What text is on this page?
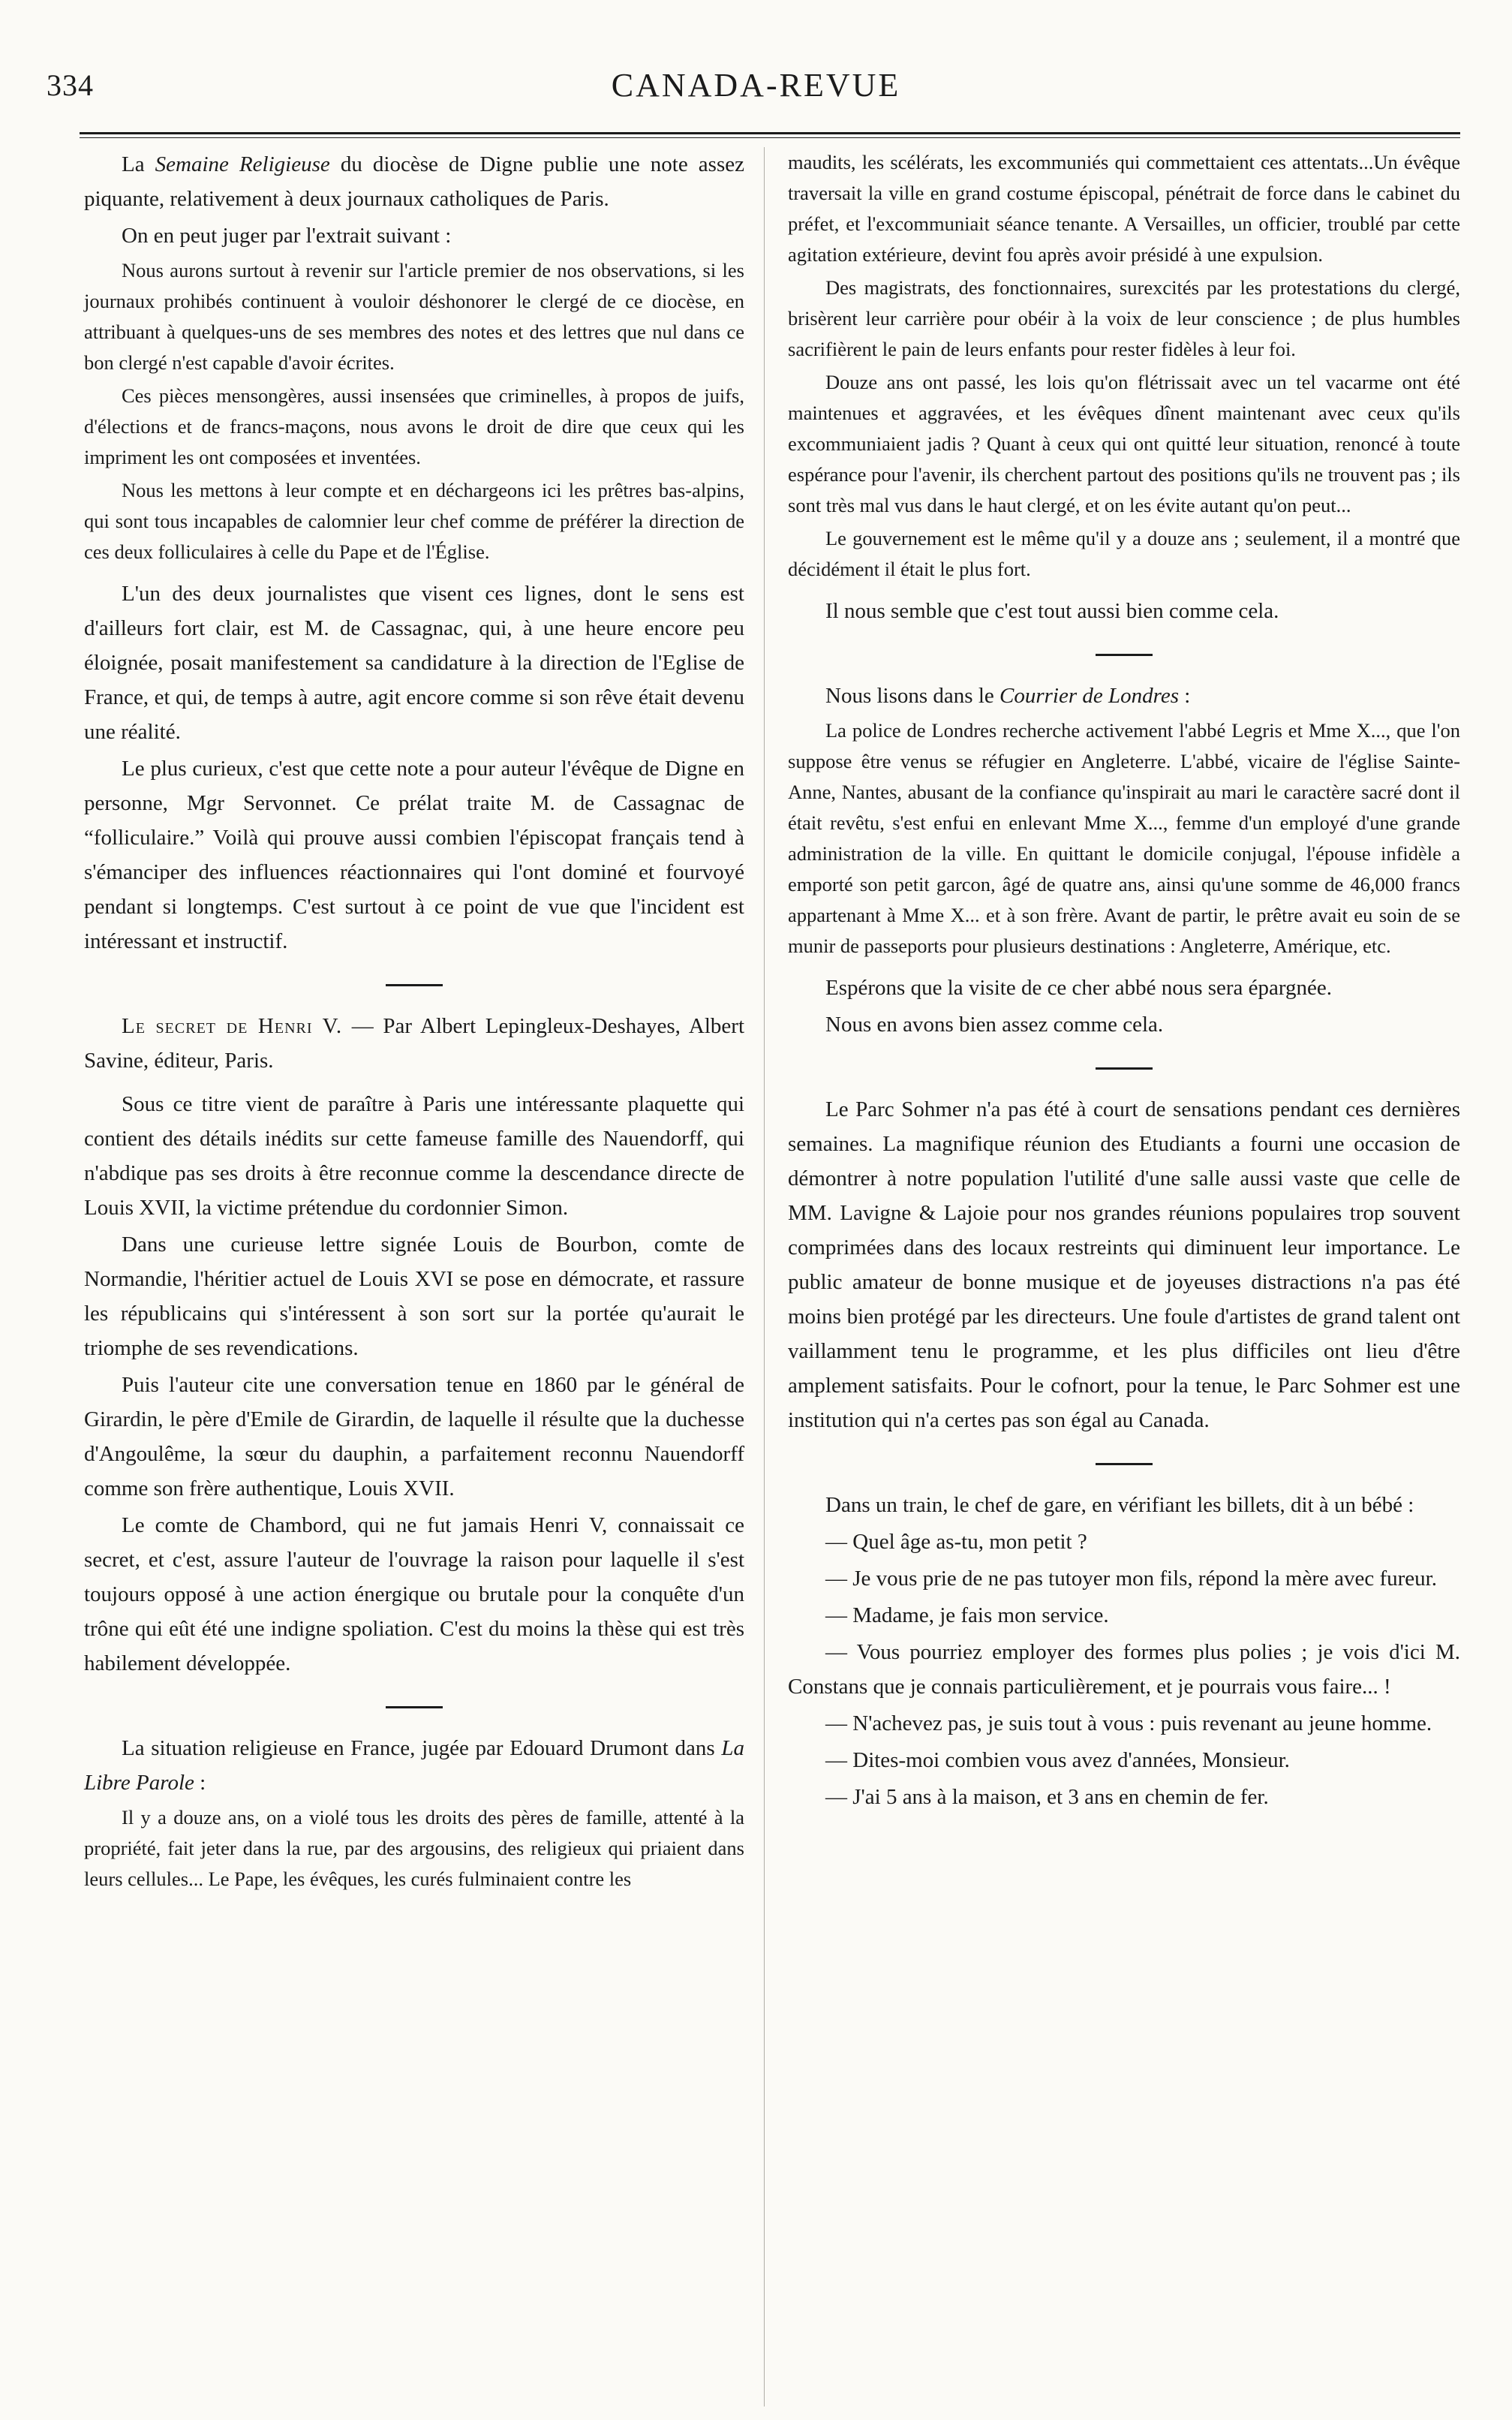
334	CANADA-REVUE

La Semaine Religieuse du diocèse de Digne publie une note assez piquante, relativement à deux journaux catholiques de Paris.

On en peut juger par l'extrait suivant :

Nous aurons surtout à revenir sur l'article premier de nos observations, si les journaux prohibés continuent à vouloir déshonorer le clergé de ce diocèse, en attribuant à quelques-uns de ses membres des notes et des lettres que nul dans ce bon clergé n'est capable d'avoir écrites.

Ces pièces mensongères, aussi insensées que criminelles, à propos de juifs, d'élections et de francs-maçons, nous avons le droit de dire que ceux qui les impriment les ont composées et inventées.

Nous les mettons à leur compte et en déchargeons ici les prêtres bas-alpins, qui sont tous incapables de calomnier leur chef comme de préférer la direction de ces deux folliculaires à celle du Pape et de l'Église.

L'un des deux journalistes que visent ces lignes, dont le sens est d'ailleurs fort clair, est M. de Cassagnac, qui, à une heure encore peu éloignée, posait manifestement sa candidature à la direction de l'Eglise de France, et qui, de temps à autre, agit encore comme si son rêve était devenu une réalité.

Le plus curieux, c'est que cette note a pour auteur l'évêque de Digne en personne, Mgr Servonnet. Ce prélat traite M. de Cassagnac de “folliculaire.” Voilà qui prouve aussi combien l'épiscopat français tend à s'émanciper des influences réactionnaires qui l'ont dominé et fourvoyé pendant si longtemps. C'est surtout à ce point de vue que l'incident est intéressant et instructif.

Le secret de Henri V. — Par Albert Lepingleux-Deshayes, Albert Savine, éditeur, Paris.

Sous ce titre vient de paraître à Paris une intéressante plaquette qui contient des détails inédits sur cette fameuse famille des Nauendorff, qui n'abdique pas ses droits à être reconnue comme la descendance directe de Louis XVII, la victime prétendue du cordonnier Simon.

Dans une curieuse lettre signée Louis de Bourbon, comte de Normandie, l'héritier actuel de Louis XVI se pose en démocrate, et rassure les républicains qui s'intéressent à son sort sur la portée qu'aurait le triomphe de ses revendications.

Puis l'auteur cite une conversation tenue en 1860 par le général de Girardin, le père d'Emile de Girardin, de laquelle il résulte que la duchesse d'Angoulême, la sœur du dauphin, a parfaitement reconnu Nauendorff comme son frère authentique, Louis XVII.

Le comte de Chambord, qui ne fut jamais Henri V, connaissait ce secret, et c'est, assure l'auteur de l'ouvrage la raison pour laquelle il s'est toujours opposé à une action énergique ou brutale pour la conquête d'un trône qui eût été une indigne spoliation. C'est du moins la thèse qui est très habilement développée.

La situation religieuse en France, jugée par Edouard Drumont dans La Libre Parole :

Il y a douze ans, on a violé tous les droits des pères de famille, attenté à la propriété, fait jeter dans la rue, par des argousins, des religieux qui priaient dans leurs cellules... Le Pape, les évêques, les curés fulminaient contre les

maudits, les scélérats, les excommuniés qui commettaient ces attentats...Un évêque traversait la ville en grand costume épiscopal, pénétrait de force dans le cabinet du préfet, et l'excommuniait séance tenante. A Versailles, un officier, troublé par cette agitation extérieure, devint fou après avoir présidé à une expulsion.

Des magistrats, des fonctionnaires, surexcités par les protestations du clergé, brisèrent leur carrière pour obéir à la voix de leur conscience ; de plus humbles sacrifièrent le pain de leurs enfants pour rester fidèles à leur foi.

Douze ans ont passé, les lois qu'on flétrissait avec un tel vacarme ont été maintenues et aggravées, et les évêques dînent maintenant avec ceux qu'ils excommuniaient jadis ? Quant à ceux qui ont quitté leur situation, renoncé à toute espérance pour l'avenir, ils cherchent partout des positions qu'ils ne trouvent pas ; ils sont très mal vus dans le haut clergé, et on les évite autant qu'on peut...

Le gouvernement est le même qu'il y a douze ans ; seulement, il a montré que décidément il était le plus fort.

Il nous semble que c'est tout aussi bien comme cela.

Nous lisons dans le Courrier de Londres :

La police de Londres recherche activement l'abbé Legris et Mme X..., que l'on suppose être venus se réfugier en Angleterre. L'abbé, vicaire de l'église Sainte-Anne, Nantes, abusant de la confiance qu'inspirait au mari le caractère sacré dont il était revêtu, s'est enfui en enlevant Mme X..., femme d'un employé d'une grande administration de la ville. En quittant le domicile conjugal, l'épouse infidèle a emporté son petit garcon, âgé de quatre ans, ainsi qu'une somme de 46,000 francs appartenant à Mme X... et à son frère. Avant de partir, le prêtre avait eu soin de se munir de passeports pour plusieurs destinations : Angleterre, Amérique, etc.

Espérons que la visite de ce cher abbé nous sera épargnée.

Nous en avons bien assez comme cela.

Le Parc Sohmer n'a pas été à court de sensations pendant ces dernières semaines. La magnifique réunion des Etudiants a fourni une occasion de démontrer à notre population l'utilité d'une salle aussi vaste que celle de MM. Lavigne & Lajoie pour nos grandes réunions populaires trop souvent comprimées dans des locaux restreints qui diminuent leur importance. Le public amateur de bonne musique et de joyeuses distractions n'a pas été moins bien protégé par les directeurs. Une foule d'artistes de grand talent ont vaillamment tenu le programme, et les plus difficiles ont lieu d'être amplement satisfaits. Pour le cofnort, pour la tenue, le Parc Sohmer est une institution qui n'a certes pas son égal au Canada.

Dans un train, le chef de gare, en vérifiant les billets, dit à un bébé :

— Quel âge as-tu, mon petit ?

— Je vous prie de ne pas tutoyer mon fils, répond la mère avec fureur.

— Madame, je fais mon service.

— Vous pourriez employer des formes plus polies ; je vois d'ici M. Constans que je connais particulièrement, et je pourrais vous faire... !

— N'achevez pas, je suis tout à vous : puis revenant au jeune homme.

— Dites-moi combien vous avez d'années, Monsieur.

— J'ai 5 ans à la maison, et 3 ans en chemin de fer.
